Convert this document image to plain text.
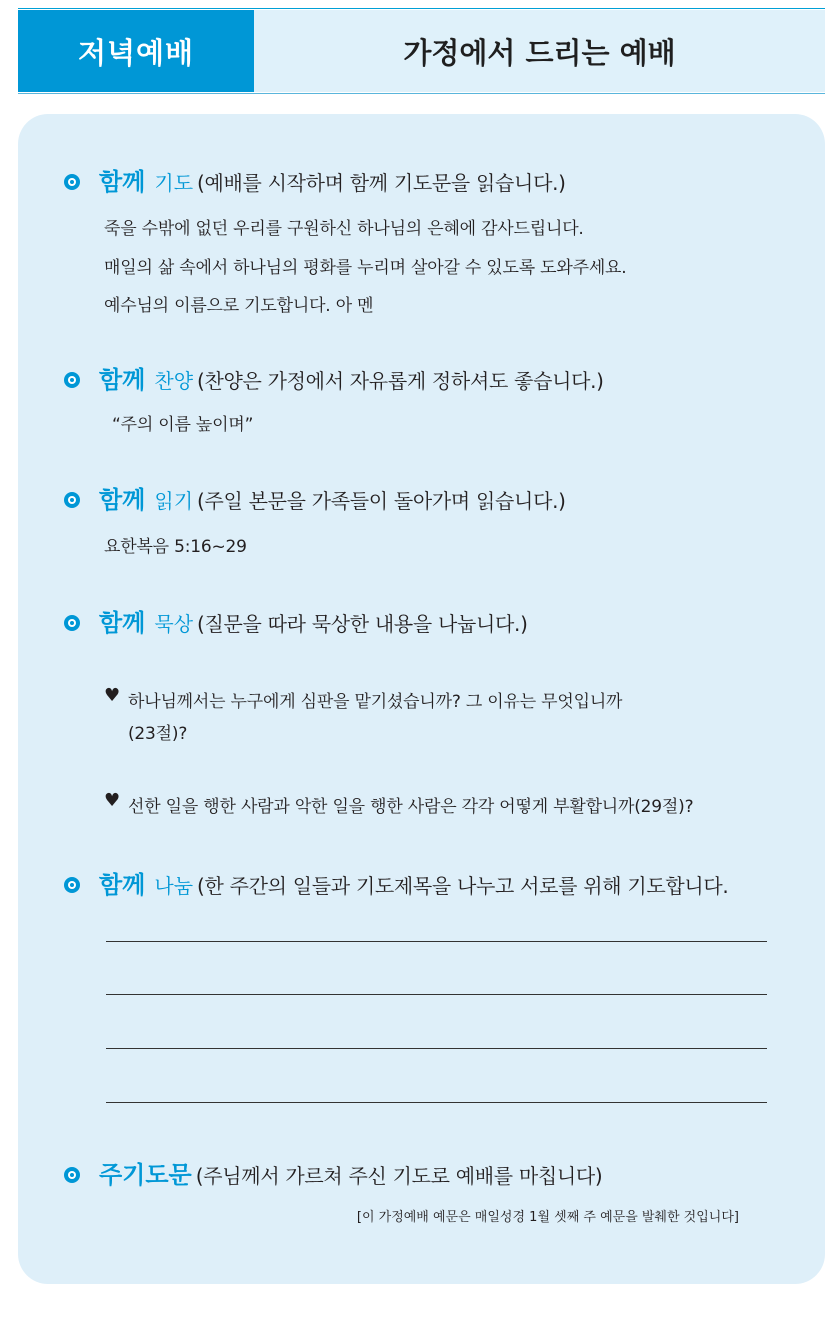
저녁예배	가정에서 드리는 예배
함께 기도 (예배를 시작하며 함께 기도문을 읽습니다.)
죽을 수밖에 없던 우리를 구원하신 하나님의 은혜에 감사드립니다.
매일의 삶 속에서 하나님의 평화를 누리며 살아갈 수 있도록 도와주세요.
예수님의 이름으로 기도합니다. 아 멘
함께 찬양 (찬양은 가정에서 자유롭게 정하셔도 좋습니다.)
“주의 이름 높이며”
함께 읽기 (주일 본문을 가족들이 돌아가며 읽습니다.)
요한복음 5:16~29
함께 묵상 (질문을 따라 묵상한 내용을 나눕니다.)
♥ 하나님께서는 누구에게 심판을 맡기셨습니까? 그 이유는 무엇입니까
(23절)?
♥ 선한 일을 행한 사람과 악한 일을 행한 사람은 각각 어떻게 부활합니까(29절)?
함께 나눔 (한 주간의 일들과 기도제목을 나누고 서로를 위해 기도합니다.
주기도문 (주님께서 가르쳐 주신 기도로 예배를 마칩니다)
[이 가정예배 예문은 매일성경 1월 셋째 주 예문을 발췌한 것입니다]
